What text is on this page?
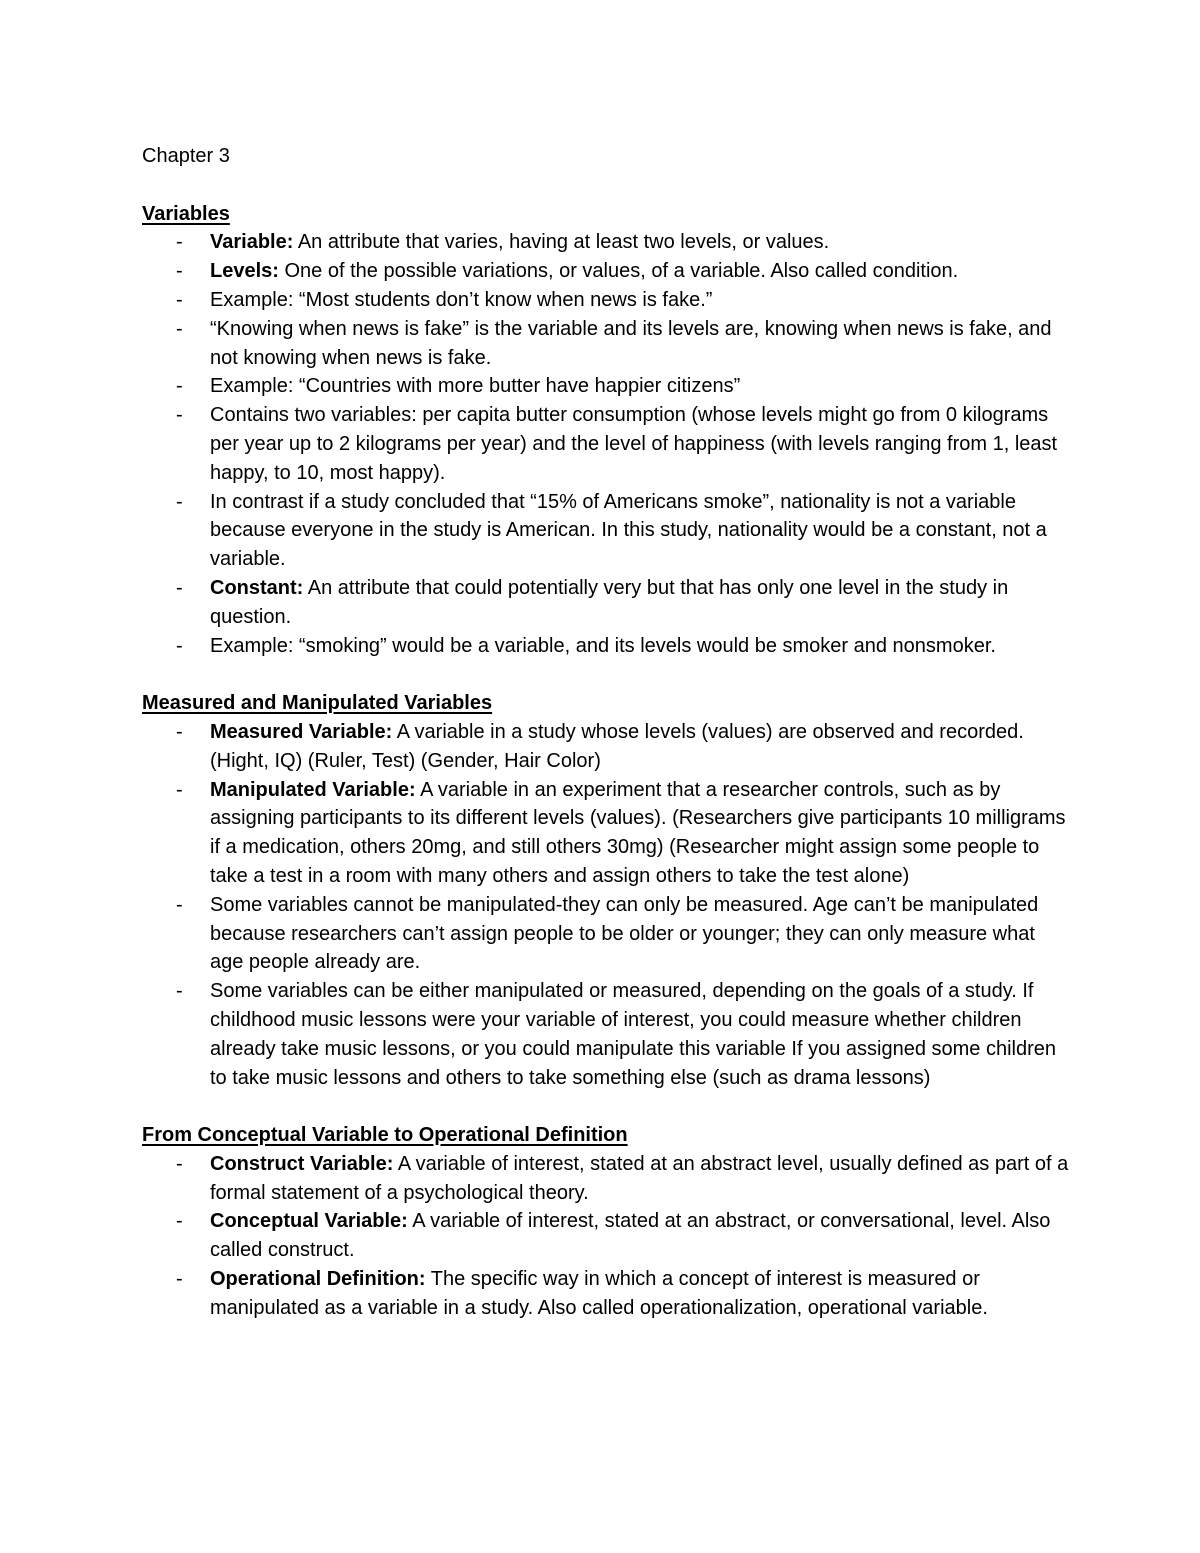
Chapter 3

Variables

-	Variable: An attribute that varies, having at least two levels, or values.
-	Levels: One of the possible variations, or values, of a variable. Also called condition.
-	Example: “Most students don’t know when news is fake.”
-	“Knowing when news is fake” is the variable and its levels are, knowing when news is fake, and not knowing when news is fake.
-	Example: “Countries with more butter have happier citizens”
-	Contains two variables: per capita butter consumption (whose levels might go from 0 kilograms per year up to 2 kilograms per year) and the level of happiness (with levels ranging from 1, least happy, to 10, most happy).
-	In contrast if a study concluded that “15% of Americans smoke”, nationality is not a variable because everyone in the study is American. In this study, nationality would be a constant, not a variable.
-	Constant: An attribute that could potentially very but that has only one level in the study in question.
-	Example: “smoking” would be a variable, and its levels would be smoker and nonsmoker.

Measured and Manipulated Variables

-	Measured Variable: A variable in a study whose levels (values) are observed and recorded. (Hight, IQ) (Ruler, Test) (Gender, Hair Color)
-	Manipulated Variable: A variable in an experiment that a researcher controls, such as by assigning participants to its different levels (values). (Researchers give participants 10 milligrams if a medication, others 20mg, and still others 30mg) (Researcher might assign some people to take a test in a room with many others and assign others to take the test alone)
-	Some variables cannot be manipulated-they can only be measured. Age can’t be manipulated because researchers can’t assign people to be older or younger; they can only measure what age people already are.
-	Some variables can be either manipulated or measured, depending on the goals of a study. If childhood music lessons were your variable of interest, you could measure whether children already take music lessons, or you could manipulate this variable If you assigned some children to take music lessons and others to take something else (such as drama lessons)

From Conceptual Variable to Operational Definition

-	Construct Variable: A variable of interest, stated at an abstract level, usually defined as part of a formal statement of a psychological theory.
-	Conceptual Variable: A variable of interest, stated at an abstract, or conversational, level. Also called construct.
-	Operational Definition: The specific way in which a concept of interest is measured or manipulated as a variable in a study. Also called operationalization, operational variable.
